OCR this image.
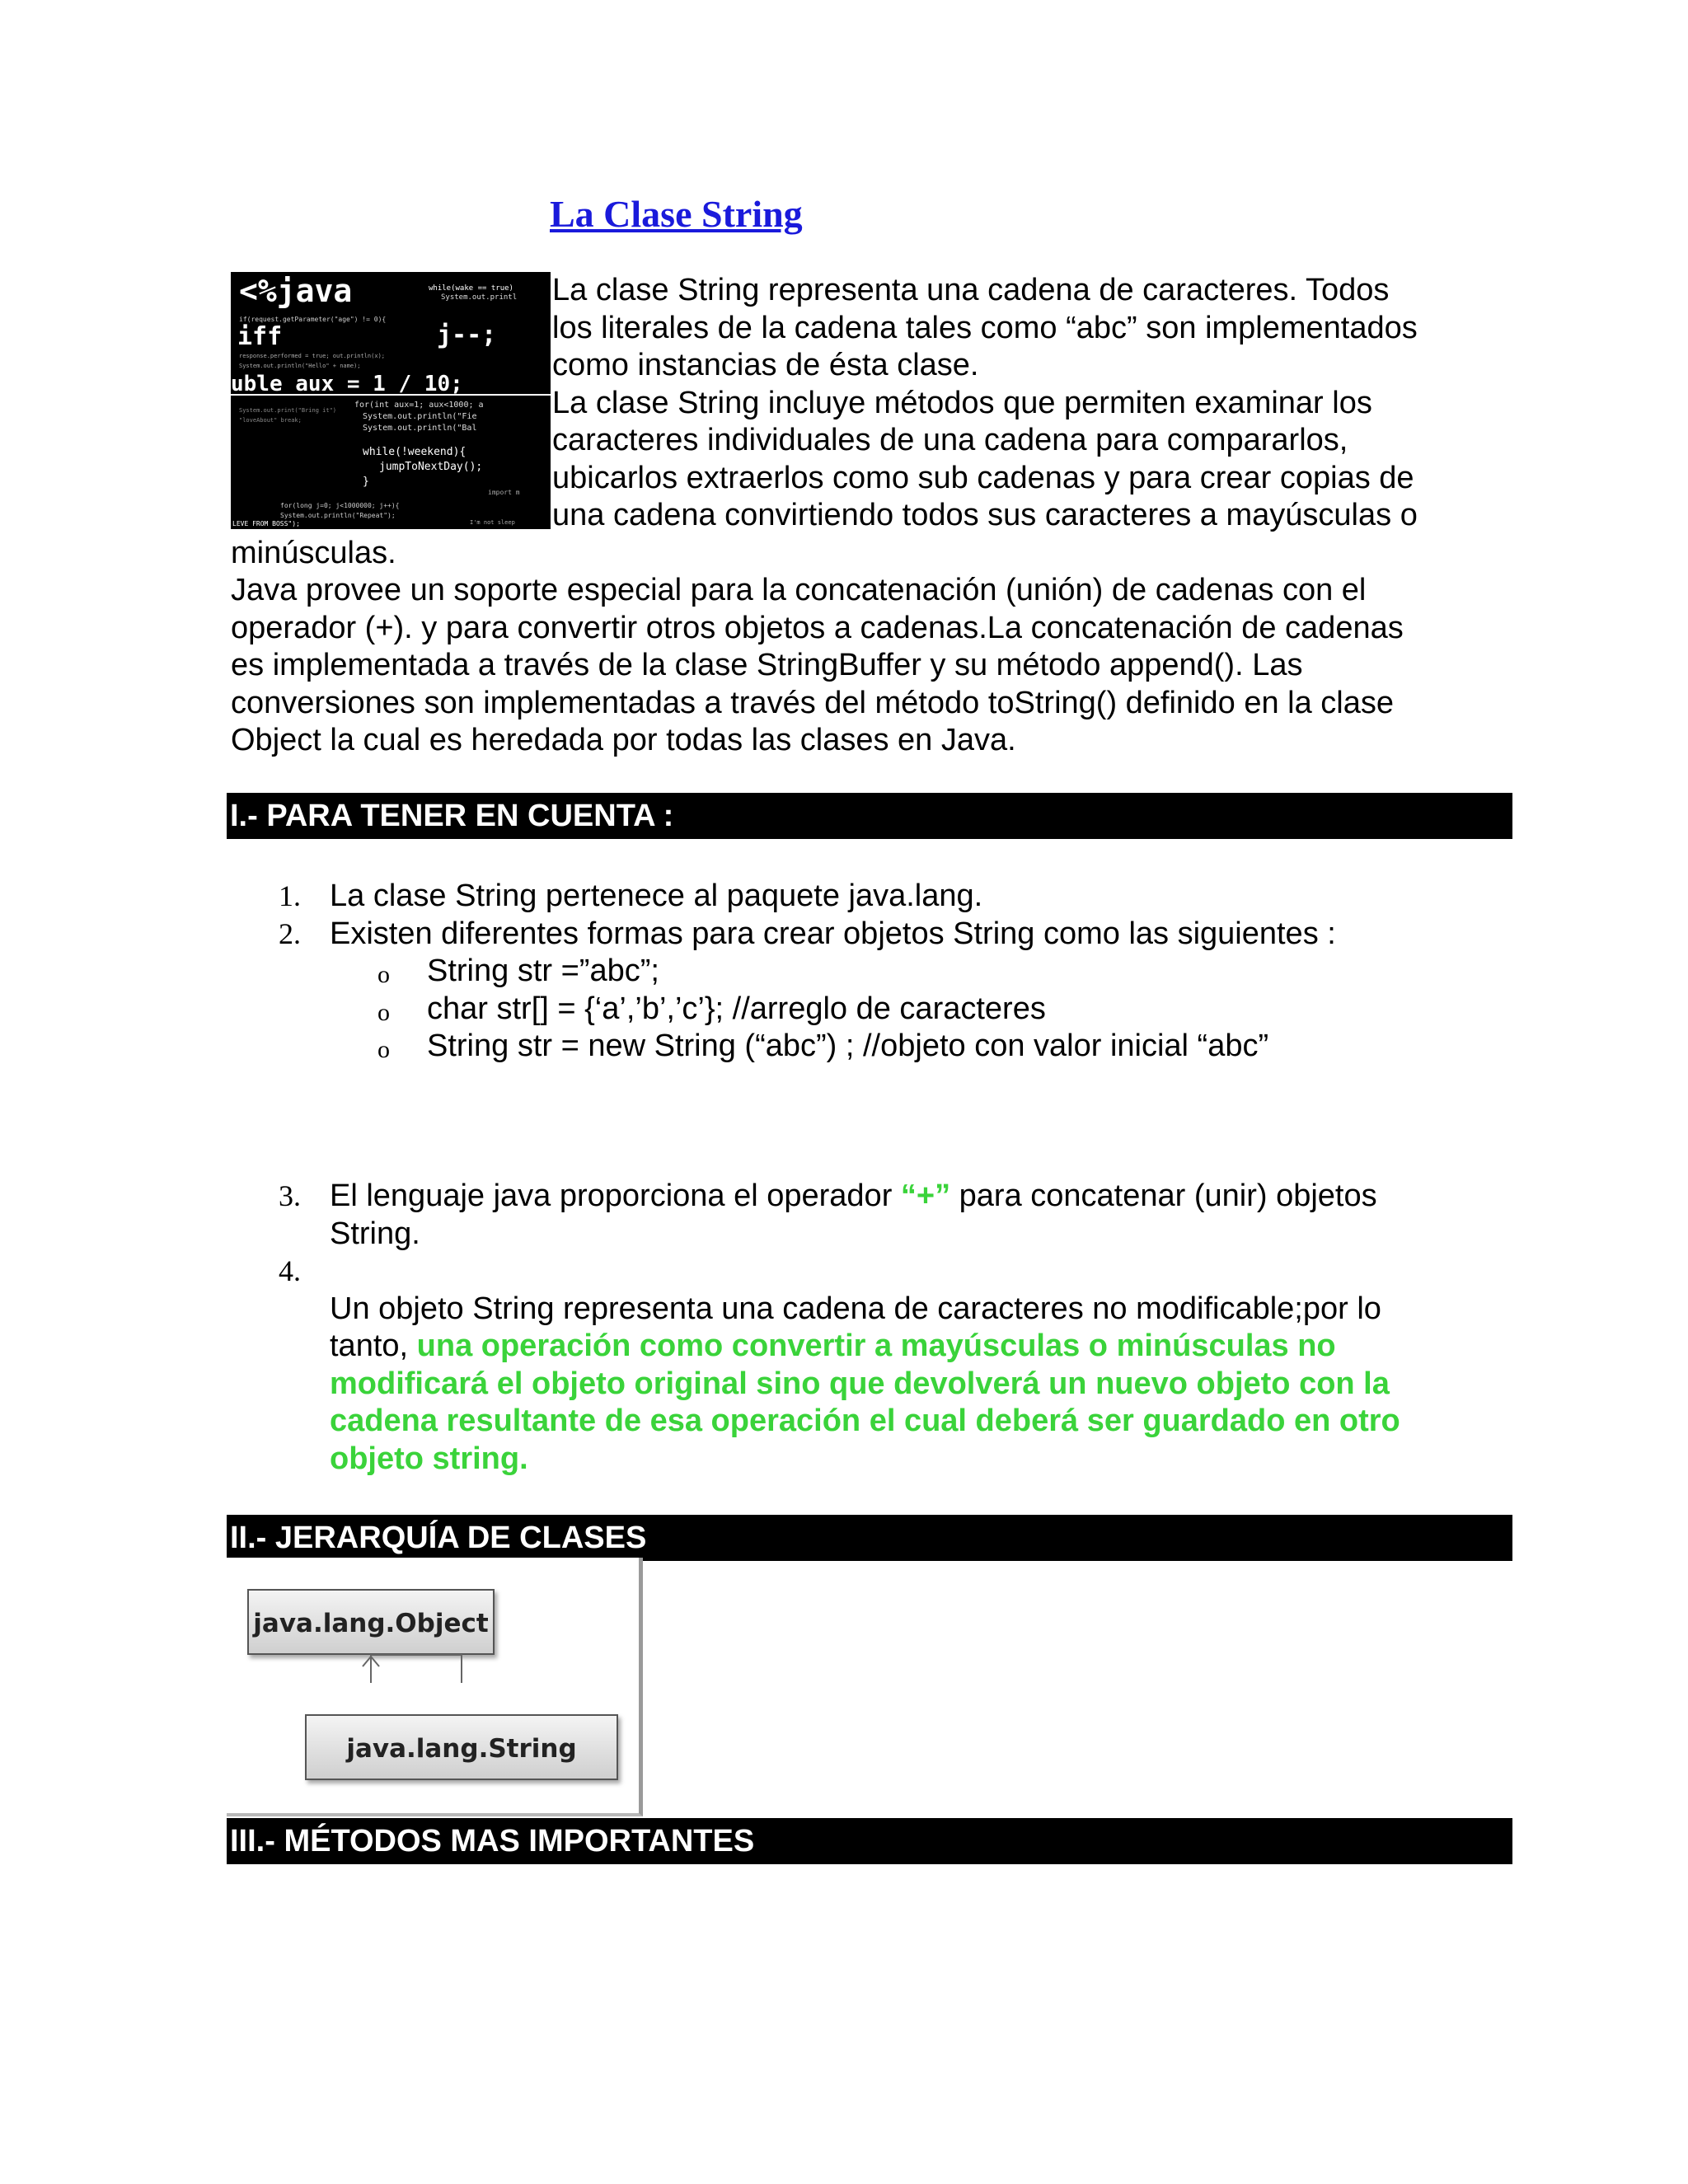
La Clase String
<%java	while(wake == true)
System.out.printl
if(request.getParameter("age") != 0){
iff	j--;
response.performed = true; out.println(x);
System.out.println("Hello" + name);
uble aux = 1 / 10;
for(int aux=1; aux<1000; a
System.out.println("Fie
System.out.println("Bal
System.out.print("Bring it")
"loveAbout" break;
while(!weekend){
jumpToNextDay();
}
import m
for(long j=0; j<1000000; j++){
System.out.println("Repeat");
LEVE FROM BOSS");	I'm not sleep

La clase String representa una cadena de caracteres. Todos los literales de la cadena tales como “abc” son implementados como instancias de ésta clase.

La clase String incluye métodos que permiten examinar los caracteres individuales de una cadena para compararlos, ubicarlos extraerlos como sub cadenas y para crear copias de una cadena convirtiendo todos sus caracteres a mayúsculas o minúsculas.

Java provee un soporte especial para la concatenación (unión) de cadenas con el operador (+). y para convertir otros objetos a cadenas.La concatenación de cadenas es implementada a través de la clase StringBuffer y su método append(). Las conversiones son implementadas a través del método toString() definido en la clase Object la cual es heredada por todas las clases en Java.

I.- PARA TENER EN CUENTA :
1. La clase String pertenece al paquete java.lang.
2. Existen diferentes formas para crear objetos String como las siguientes :
o String str =”abc”;
o char str[] = {‘a’,’b’,’c’}; //arreglo de caracteres
o String str = new String (“abc”) ; //objeto con valor inicial “abc”
3. El lenguaje java proporciona el operador “+” para concatenar (unir) objetos String.
4.

Un objeto String representa una cadena de caracteres no modificable;por lo tanto, una operación como convertir a mayúsculas o minúsculas no modificará el objeto original sino que devolverá un nuevo objeto con la cadena resultante de esa operación el cual deberá ser guardado en otro objeto string.
II.- JERARQUÍA DE CLASES
java.lang.Object
java.lang.String
III.- MÉTODOS MAS IMPORTANTES
